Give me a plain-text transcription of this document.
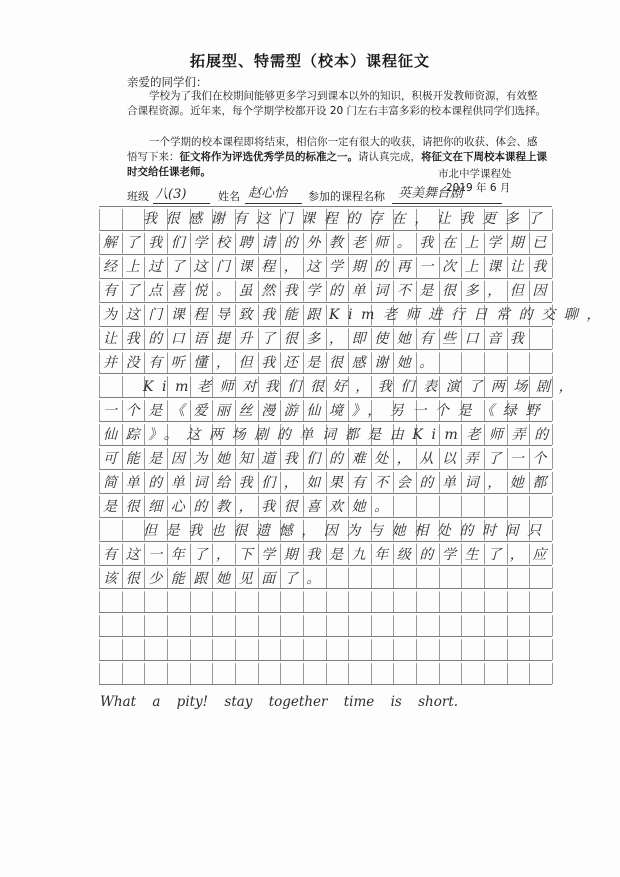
拓展型、特需型（校本）课程征文
亲爱的同学们：
学校为了我们在校期间能够更多学习到课本以外的知识，积极开发教师资源，有效整合课程资源。近年来，每个学期学校都开设 20 门左右丰富多彩的校本课程供同学们选择。
一个学期的校本课程即将结束，相信你一定有很大的收获，请把你的收获、体会、感悟写下来：征文将作为评选优秀学员的标准之一。请认真完成，将征文在下周校本课程上课时交给任课老师。	市北中学课程处
2019 年 6 月
班级 八(3)	姓名 赵心怡 参加的课程名称 英美舞台剧
我很感谢有这门课程的存在，让我更多了
解了我们学校聘请的外教老师。我在上学期已
经上过了这门课程，这学期的再一次上课让我
有了点喜悦。虽然我学的单词不是很多，但因
为这门课程导致我能跟Kim老师进行日常的交聊，
让我的口语提升了很多，即使她有些口音我
并没有听懂，但我还是很感谢她。
Kim老师对我们很好，我们表演了两场剧，
一个是《爱丽丝漫游仙境》，另一个是《绿野
仙踪》。这两场剧的单词都是由Kim老师弄的
可能是因为她知道我们的难处，从以弄了一个
简单的单词给我们，如果有不会的单词，她都
是很细心的教，我很喜欢她。
但是我也很遗憾，因为与她相处的时间只
有这一年了，下学期我是九年级的学生了，应
该很少能跟她见面了。
What a pity! stay together time is short.
